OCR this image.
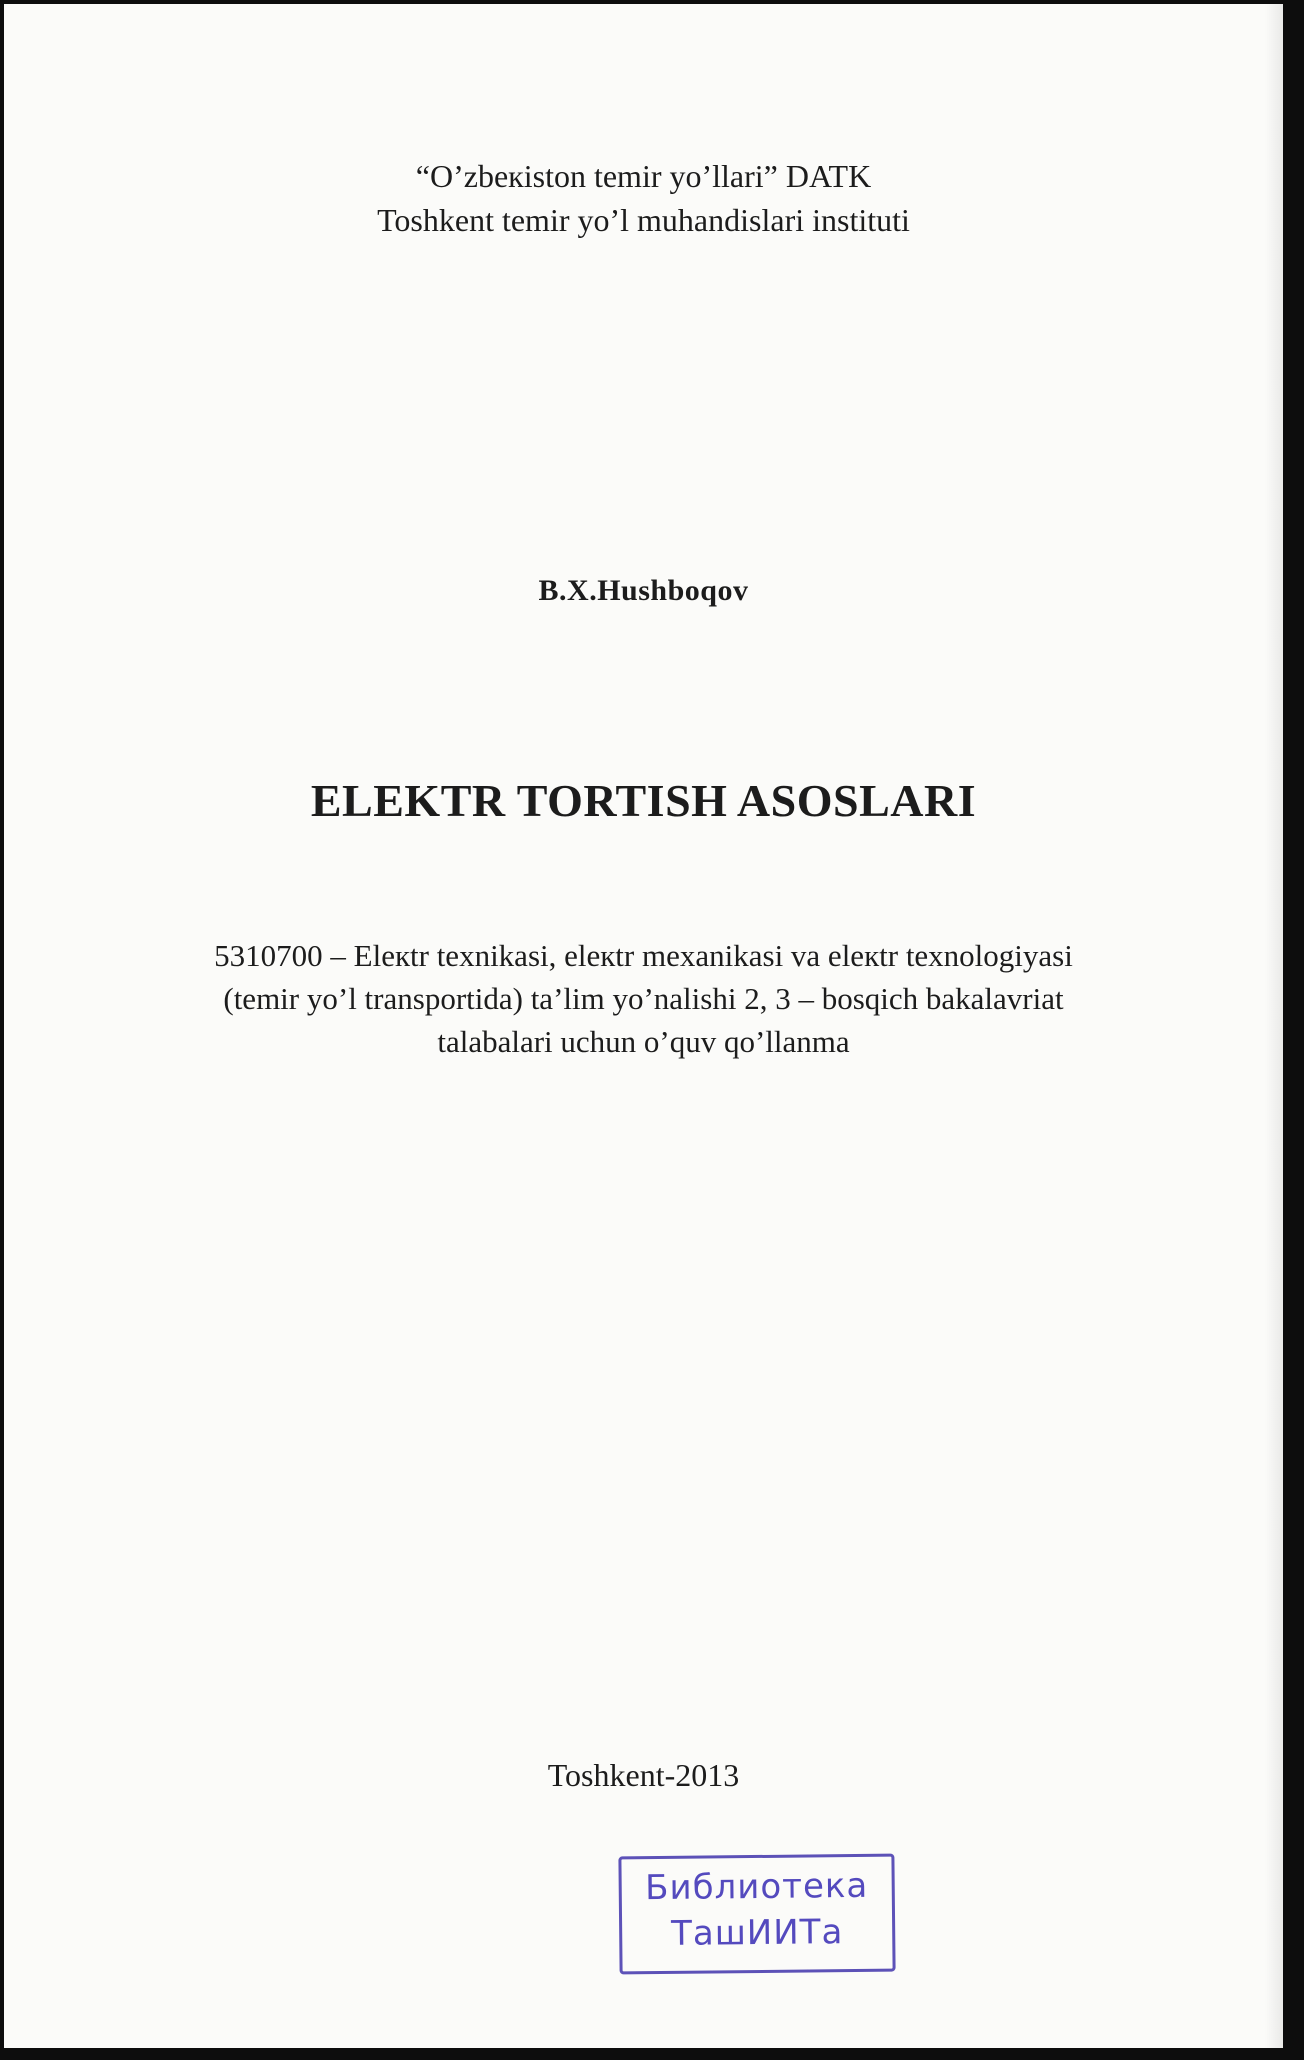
“O’zbeкiston temir yo’llari” DATK
Toshkent temir yo’l muhandislari instituti
B.X.Hushboqov
ELEKTR TORTISH ASOSLARI
5310700 – Eleкtr texnikasi, eleкtr mexanikasi va eleкtr texnologiyasi
(temir yo’l transportida) ta’lim yo’nalishi 2, 3 – bosqich bakalavriat
talabalari uchun o’quv qo’llanma
Toshkent-2013
Библиотека
ТашИИТа
